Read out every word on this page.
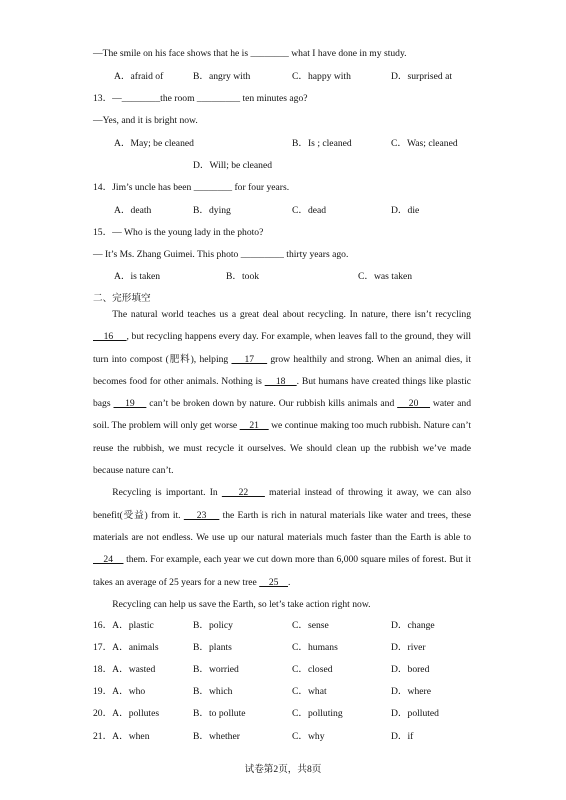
—The smile on his face shows that he is ________ what I have done in my study.
A．afraid of	B．angry with	C．happy with	D．surprised at
13．—________the room _________ ten minutes ago?
—Yes, and it is bright now.
A．May; be cleaned	B．Is ; cleaned	C．Was; cleaned
D．Will; be cleaned
14．Jim’s uncle has been ________ for four years.
A．death	B．dying	C．dead	D．die
15．— Who is the young lady in the photo?
— It’s Ms. Zhang Guimei. This photo _________ thirty years ago.
A．is taken	B．took	C．was taken
二、完形填空

The natural world teaches us a great deal about recycling. In nature, there isn’t recycling     16     , but recycling happens every day. For example, when leaves fall to the ground, they will turn into compost (肥料), helping     17     grow healthily and strong. When an animal dies, it becomes food for other animals. Nothing is     18    . But humans have created things like plastic bags     19     can’t be broken down by nature. Our rubbish kills animals and     20     water and soil. The problem will only get worse     21     we continue making too much rubbish. Nature can’t reuse the rubbish, we must recycle it ourselves. We should clean up the rubbish we’ve made because nature can’t.

Recycling is important. In     22     material instead of throwing it away, we can also benefit(受益) from it.     23     the Earth is rich in natural materials like water and trees, these materials are not endless. We use up our natural materials much faster than the Earth is able to     24     them. For example, each year we cut down more than 6,000 square miles of forest. But it takes an average of 25 years for a new tree     25    .

Recycling can help us save the Earth, so let’s take action right now.

16．A．plastic	B．policy	C．sense	D．change
17．A．animals	B．plants	C．humans	D．river
18．A．wasted	B．worried	C．closed	D．bored
19．A．who	B．which	C．what	D．where
20．A．pollutes	B．to pollute	C．polluting	D．polluted
21．A．when	B．whether	C．why	D．if
试卷第2页，共8页
